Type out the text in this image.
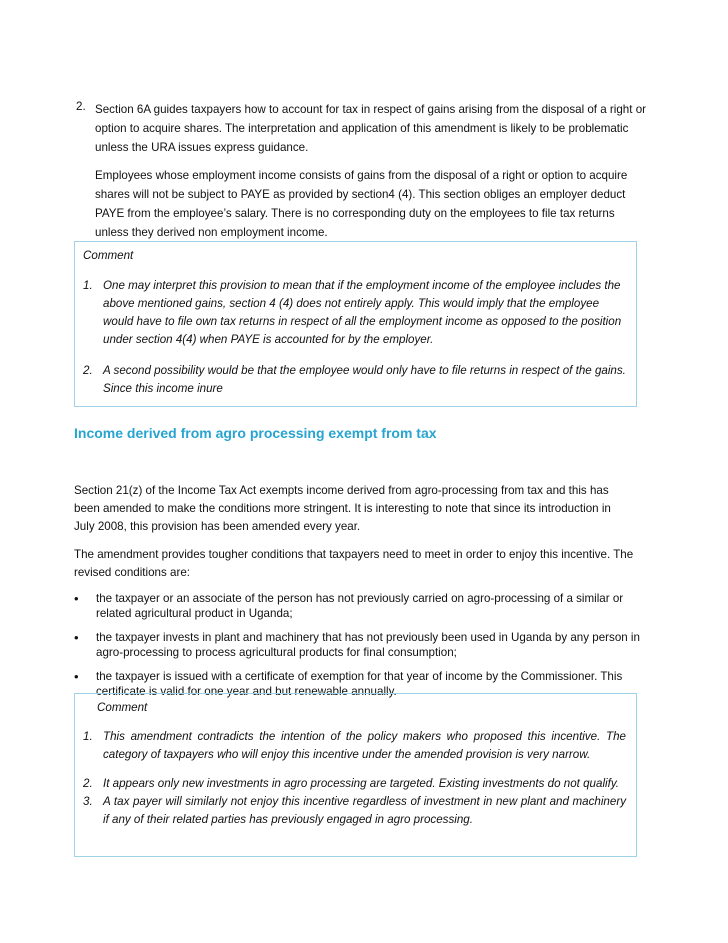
2. Section 6A guides taxpayers how to account for tax in respect of gains arising from the disposal of a right or option to acquire shares. The interpretation and application of this amendment is likely to be problematic unless the URA issues express guidance.

Employees whose employment income consists of gains from the disposal of a right or option to acquire shares will not be subject to PAYE as provided by section4 (4). This section obliges an employer deduct PAYE from the employee’s salary. There is no corresponding duty on the employees to file tax returns unless they derived non employment income.

Comment
1. One may interpret this provision to mean that if the employment income of the employee includes the above mentioned gains, section 4 (4) does not entirely apply. This would imply that the employee would have to file own tax returns in respect of all the employment income as opposed to the position under section 4(4) when PAYE is accounted for by the employer.
2. A second possibility would be that the employee would only have to file returns in respect of the gains. Since this income inure
Income derived from agro processing exempt from tax

Section 21(z) of the Income Tax Act exempts income derived from agro-processing from tax and this has been amended to make the conditions more stringent. It is interesting to note that since its introduction in July 2008, this provision has been amended every year.

The amendment provides tougher conditions that taxpayers need to meet in order to enjoy this incentive. The revised conditions are:

• the taxpayer or an associate of the person has not previously carried on agro-processing of a similar or related agricultural product in Uganda;
• the taxpayer invests in plant and machinery that has not previously been used in Uganda by any person in agro-processing to process agricultural products for final consumption;
• the taxpayer is issued with a certificate of exemption for that year of income by the Commissioner. This certificate is valid for one year and but renewable annually.
Comment
1. This amendment contradicts the intention of the policy makers who proposed this incentive. The category of taxpayers who will enjoy this incentive under the amended provision is very narrow.
2. It appears only new investments in agro processing are targeted. Existing investments do not qualify.
3. A tax payer will similarly not enjoy this incentive regardless of investment in new plant and machinery if any of their related parties has previously engaged in agro processing.
